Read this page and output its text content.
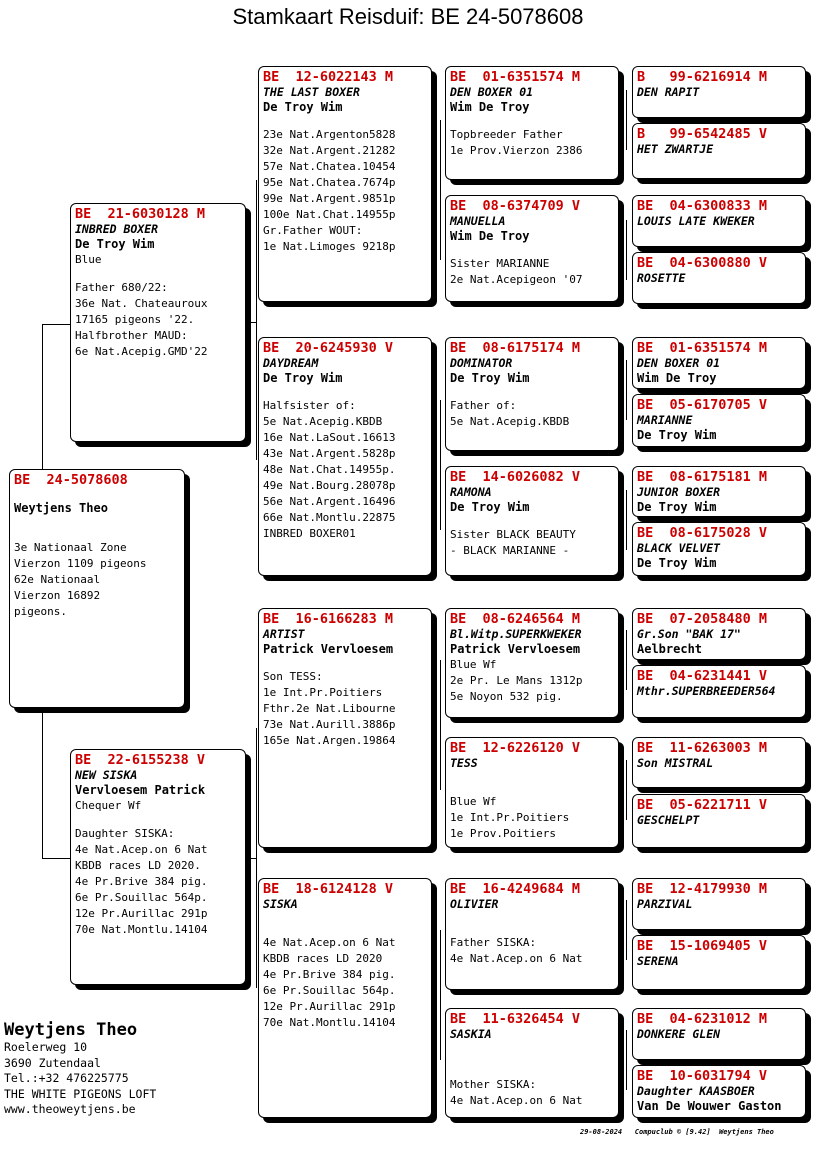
Stamkaart Reisduif: BE 24-5078608
BE  24-5078608
Weytjens Theo
3e Nationaal Zone
Vierzon 1109 pigeons
62e Nationaal
Vierzon 16892
pigeons.
BE  21-6030128 M
INBRED BOXER
De Troy Wim
Blue
Father 680/22:
36e Nat. Chateauroux
17165 pigeons '22.
Halfbrother MAUD:
6e Nat.Acepig.GMD'22
BE  22-6155238 V
NEW SISKA
Vervloesem Patrick
Chequer Wf
Daughter SISKA:
4e Nat.Acep.on 6 Nat
KBDB races LD 2020.
4e Pr.Brive 384 pig.
6e Pr.Souillac 564p.
12e Pr.Aurillac 291p
70e Nat.Montlu.14104
BE  12-6022143 M
THE LAST BOXER
De Troy Wim
23e Nat.Argenton5828
32e Nat.Argent.21282
57e Nat.Chatea.10454
95e Nat.Chatea.7674p
99e Nat.Argent.9851p
100e Nat.Chat.14955p
Gr.Father WOUT:
1e Nat.Limoges 9218p
BE  20-6245930 V
DAYDREAM
De Troy Wim
Halfsister of:
5e Nat.Acepig.KBDB
16e Nat.LaSout.16613
43e Nat.Argent.5828p
48e Nat.Chat.14955p.
49e Nat.Bourg.28078p
56e Nat.Argent.16496
66e Nat.Montlu.22875
INBRED BOXER01
BE  16-6166283 M
ARTIST
Patrick Vervloesem
Son TESS:
1e Int.Pr.Poitiers
Fthr.2e Nat.Libourne
73e Nat.Aurill.3886p
165e Nat.Argen.19864
BE  18-6124128 V
SISKA
4e Nat.Acep.on 6 Nat
KBDB races LD 2020
4e Pr.Brive 384 pig.
6e Pr.Souillac 564p.
12e Pr.Aurillac 291p
70e Nat.Montlu.14104
BE  01-6351574 M
DEN BOXER 01
Wim De Troy
Topbreeder Father
1e Prov.Vierzon 2386
BE  08-6374709 V
MANUELLA
Wim De Troy
Sister MARIANNE
2e Nat.Acepigeon '07
BE  08-6175174 M
DOMINATOR
De Troy Wim
Father of:
5e Nat.Acepig.KBDB
BE  14-6026082 V
RAMONA
De Troy Wim
Sister BLACK BEAUTY
- BLACK MARIANNE -
BE  08-6246564 M
Bl.Witp.SUPERKWEKER
Patrick Vervloesem
Blue Wf
2e Pr. Le Mans 1312p
5e Noyon 532 pig.
BE  12-6226120 V
TESS
Blue Wf
1e Int.Pr.Poitiers
1e Prov.Poitiers
BE  16-4249684 M
OLIVIER
Father SISKA:
4e Nat.Acep.on 6 Nat
BE  11-6326454 V
SASKIA
Mother SISKA:
4e Nat.Acep.on 6 Nat
B   99-6216914 M
DEN RAPIT
B   99-6542485 V
HET ZWARTJE
BE  04-6300833 M
LOUIS LATE KWEKER
BE  04-6300880 V
ROSETTE
BE  01-6351574 M
DEN BOXER 01
Wim De Troy
BE  05-6170705 V
MARIANNE
De Troy Wim
BE  08-6175181 M
JUNIOR BOXER
De Troy Wim
BE  08-6175028 V
BLACK VELVET
De Troy Wim
BE  07-2058480 M
Gr.Son "BAK 17"
Aelbrecht
BE  04-6231441 V
Mthr.SUPERBREEDER564
BE  11-6263003 M
Son MISTRAL
BE  05-6221711 V
GESCHELPT
BE  12-4179930 M
PARZIVAL
BE  15-1069405 V
SERENA
BE  04-6231012 M
DONKERE GLEN
BE  10-6031794 V
Daughter KAASBOER
Van De Wouwer Gaston
Weytjens Theo
Roelerweg 10
3690 Zutendaal
Tel.:+32 476225775
THE WHITE PIGEONS LOFT
www.theoweytjens.be
29-08-2024   Compuclub © [9.42]  Weytjens Theo
